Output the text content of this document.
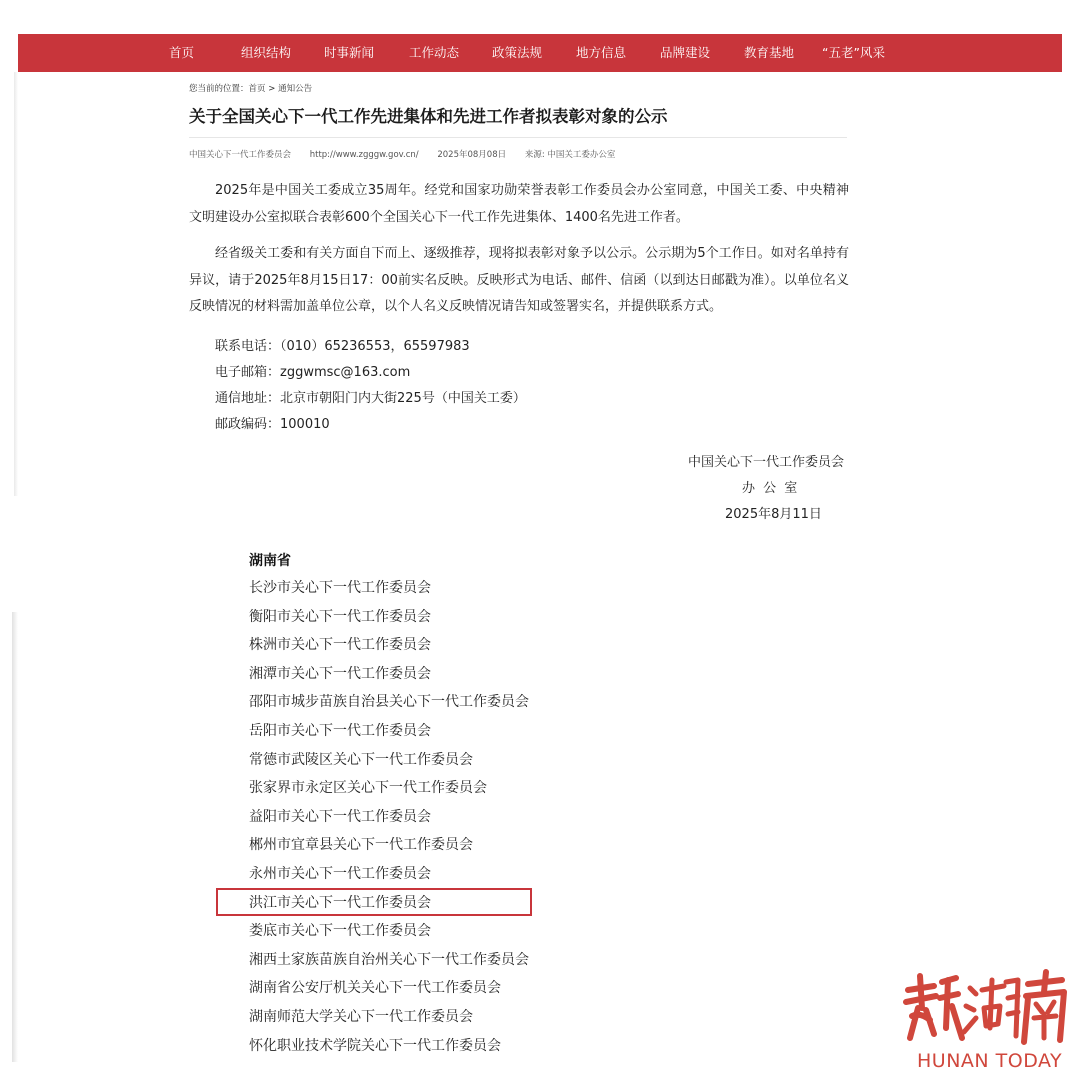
首页	组织结构	时事新闻	工作动态	政策法规	地方信息	品牌建设	教育基地 “五老”风采
您当前的位置：首页 > 通知公告
关于全国关心下一代工作先进集体和先进工作者拟表彰对象的公示
中国关心下一代工作委员会 http://www.zgggw.gov.cn/ 2025年08月08日 来源: 中国关工委办公室

2025年是中国关工委成立35周年。经党和国家功勋荣誉表彰工作委员会办公室同意，中国关工委、中央精神文明建设办公室拟联合表彰600个全国关心下一代工作先进集体、1400名先进工作者。

经省级关工委和有关方面自下而上、逐级推荐，现将拟表彰对象予以公示。公示期为5个工作日。如对名单持有异议，请于2025年8月15日17：00前实名反映。反映形式为电话、邮件、信函（以到达日邮戳为准）。以单位名义反映情况的材料需加盖单位公章，以个人名义反映情况请告知或签署实名，并提供联系方式。

联系电话：（010）65236553，65597983
电子邮箱：zggwmsc@163.com
通信地址：北京市朝阳门内大街225号（中国关工委）
邮政编码：100010
中国关心下一代工作委员会
办 公 室
2025年8月11日
湖南省
长沙市关心下一代工作委员会
衡阳市关心下一代工作委员会
株洲市关心下一代工作委员会
湘潭市关心下一代工作委员会
邵阳市城步苗族自治县关心下一代工作委员会
岳阳市关心下一代工作委员会
常德市武陵区关心下一代工作委员会
张家界市永定区关心下一代工作委员会
益阳市关心下一代工作委员会
郴州市宜章县关心下一代工作委员会
永州市关心下一代工作委员会
洪江市关心下一代工作委员会
娄底市关心下一代工作委员会
湘西土家族苗族自治州关心下一代工作委员会
湖南省公安厅机关关心下一代工作委员会
湖南师范大学关心下一代工作委员会
怀化职业技术学院关心下一代工作委员会
HUNAN TODAY
